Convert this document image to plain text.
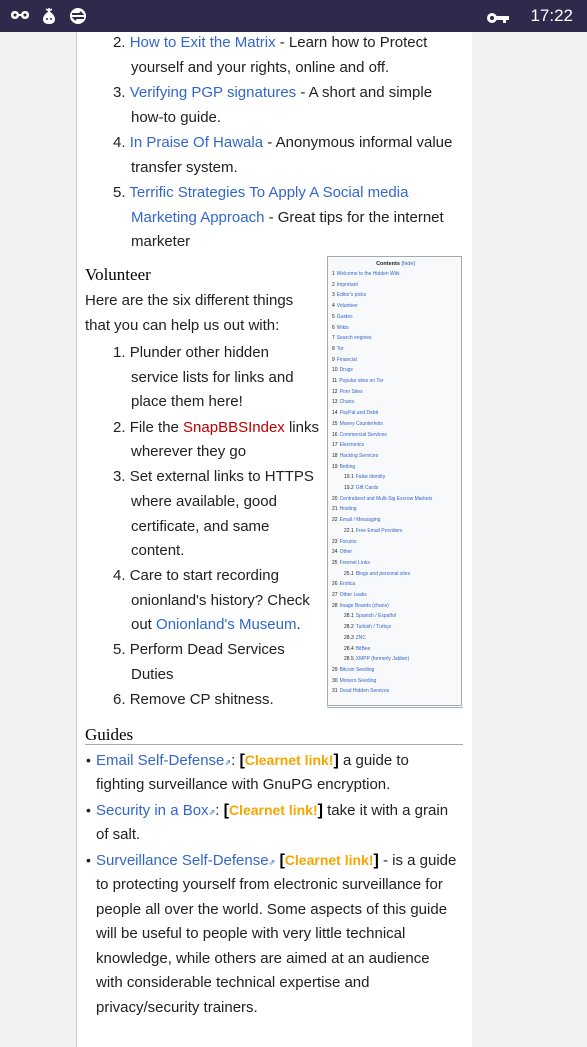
17:22
2. How to Exit the Matrix - Learn how to Protect
yourself and your rights, online and off.
3. Verifying PGP signatures - A short and simple
how-to guide.
4. In Praise Of Hawala - Anonymous informal value
transfer system.
5. Terrific Strategies To Apply A Social media
Marketing Approach - Great tips for the internet
marketer
Volunteer
Here are the six different things
that you can help us out with:
1. Plunder other hidden
service lists for links and
place them here!
2. File the SnapBBSIndex links
wherever they go
3. Set external links to HTTPS
where available, good
certificate, and same
content.
4. Care to start recording
onionland's history? Check
out Onionland's Museum.
5. Perform Dead Services
Duties
6. Remove CP shitness.
Contents [hide]
1 Welcome to the Hidden Wiki
2 Important
3 Editor's picks
4 Volunteer
5 Guides
6 Wikis
7 Search engines
8 Tor
9 Financial
10 Drugs
11 Popular sites on Tor
12 Porn Sites
13 Chans
14 PayPal and Debit
15 Money Counterfeits
16 Commercial Services
17 Electronics
18 Hacking Services
19 Betting
19.1 False identity
19.2 Gift Cards
20 Centralized and Multi-Sig Escrow Markets
21 Hosting
22 Email / Messaging
22.1 Free Email Providers
23 Forums
24 Other
25 Freenet Links
25.1 Blogs and personal sites
26 Erotica
27 Other Leaks
28 Image Boards (chans)
28.1 Spanish / Español
28.2 Turkish / Türkçe
28.3 ZNC
28.4 BitBee
28.5 XMPP (formerly Jabber)
29 Bitcoin Seeding
30 Monero Seeding
31 Dead Hidden Services
Guides
• Email Self-Defense⇗: [Clearnet link!] a guide to
fighting surveillance with GnuPG encryption.
• Security in a Box⇗: [Clearnet link!] take it with a grain
of salt.
• Surveillance Self-Defense⇗ [Clearnet link!] - is a guide
to protecting yourself from electronic surveillance for
people all over the world. Some aspects of this guide
will be useful to people with very little technical
knowledge, while others are aimed at an audience
with considerable technical expertise and
privacy/security trainers.
